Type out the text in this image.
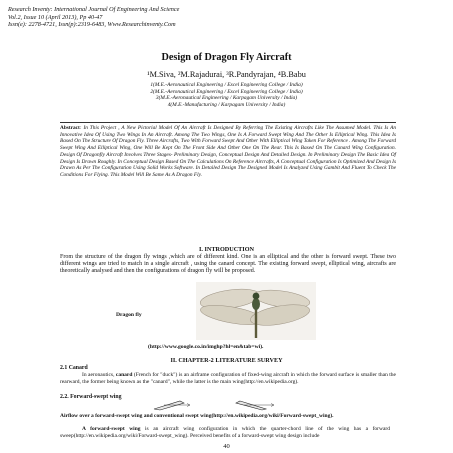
Research Inventy: International Journal Of Engineering And Science
Vol.2, Issue 10 (April 2013), Pp 40-47
Issn(e): 2278-4721, Issn(p):2319-6483, Www.Researchinventy.Com
Design of Dragon Fly Aircraft
¹M.Siva, ²M.Rajadurai, ³R.Pandyrajan, ⁴B.Babu
1(M.E.-Aeronautical Engineering / Excel Engineering College / India)
2(M.E.-Aeronautical Engineering / Excel Engineering College / India)
3(M.E.-Aeronautical Engineering / Karpagam University / India)
4(M.E.-Manufacturing / Karpagam University / India)
Abstract: In This Project , A New Pictorial Model Of An Aircraft Is Designed By Referring The Existing Aircrafts Like The Assumed Model. This Is An Innovative Idea Of Using Two Wings In An Aircraft. Among The Two Wings, One Is A Forward Swept Wing And The Other Is Elliptical Wing. This Idea Is Based On The Structure Of Dragon Fly. Three Aircrafts, Two With Forward Swept And Other With Elliptical Wing Taken For Reference . Among The Forward Swept Wing And Elliptical Wing, One Will Be Kept On The Front Side And Other One On The Rear. This Is Based On The Canard Wing Configuration. Design Of Dragonfly Aircraft Involves Three Stages- Preliminary Design, Conceptual Design And Detailed Design. In Preliminary Design The Basic Idea Of Design Is Drawn Roughly. In Conceptual Design Based On The Calculations On Reference Aircrafts, A Conceptual Configuration Is Optimized And Design Is Drawn As Per The Configuration Using Solid Works Software. In Detailed Design The Designed Model Is Analyzed Using Gambit And Fluent To Check The Conditions For Flying. This Model Will Be Same As A Dragon Fly.
I. INTRODUCTION
From the structure of the dragon fly wings ,which are of different kind. One is an elliptical and the other is forward swept. These two different wings are tried to match in a single aircraft , using the canard concept. The existing forward swept, elliptical wing, aircrafts are theoretically analysed and then the configurations of dragon fly will be proposed.
Dragon fly
(http://www.google.co.in/imghp?hl=en&tab=wi).
II. CHAPTER-2 LITERATURE SURVEY
2.1 Canard
In aeronautics, canard (French for "duck") is an airframe configuration of fixed-wing aircraft in which the forward surface is smaller than the rearward, the former being known as the "canard", while the latter is the main wing(http://en.wikipedia.org).
2.2. Forward-swept wing
Airflow over a forward-swept wing and conventional swept wing(http://en.wikipedia.org/wiki/Forward-swept_wing).
A forward-swept wing is an aircraft wing configuration in which the quarter-chord line of the wing has a forward sweep(http://en.wikipedia.org/wiki/Forward-swept_wing). Perceived benefits of a forward-swept wing design include
40
